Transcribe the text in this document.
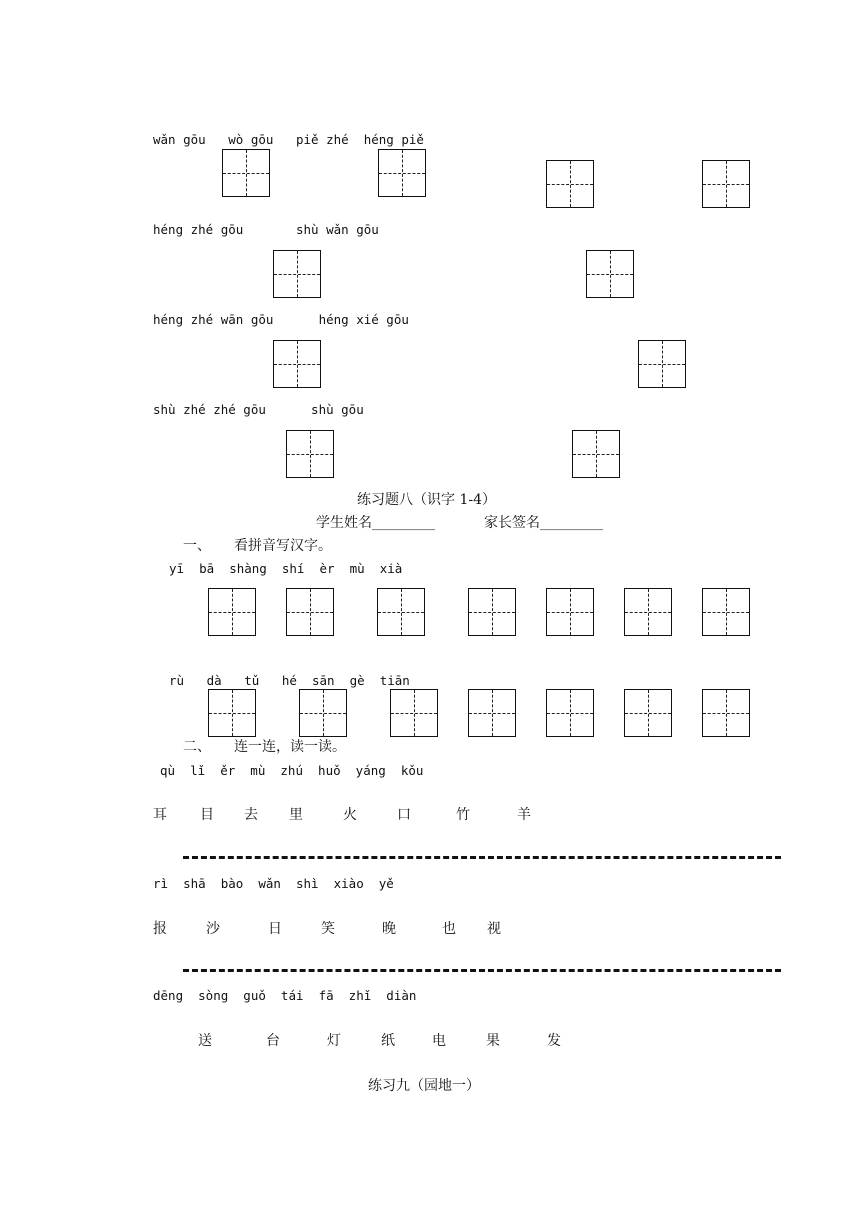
wǎn gōu   wò gōu   piě zhé  héng piě
héng zhé gōu       shù wǎn gōu
héng zhé wān gōu      héng xié gōu
shù zhé zhé gōu      shù gōu
练习题八（识字 1-4）
学生姓名_________	家长签名_________
一、 看拼音写汉字。
yī  bā  shàng  shí  èr  mù  xià
rù   dà   tǔ   hé  sān  gè  tiān
二、 连一连，读一读。
qù  lǐ  ěr  mù  zhú  huǒ  yáng  kǒu
耳 目 去 里	火	口	竹	羊
rì  shā  bào  wǎn  shì  xiào  yě
报	沙	日	笑	晚	也 视
dēng  sòng  guǒ  tái  fā  zhǐ  diàn
送	台	灯	纸	电	果	发
练习九（园地一）
